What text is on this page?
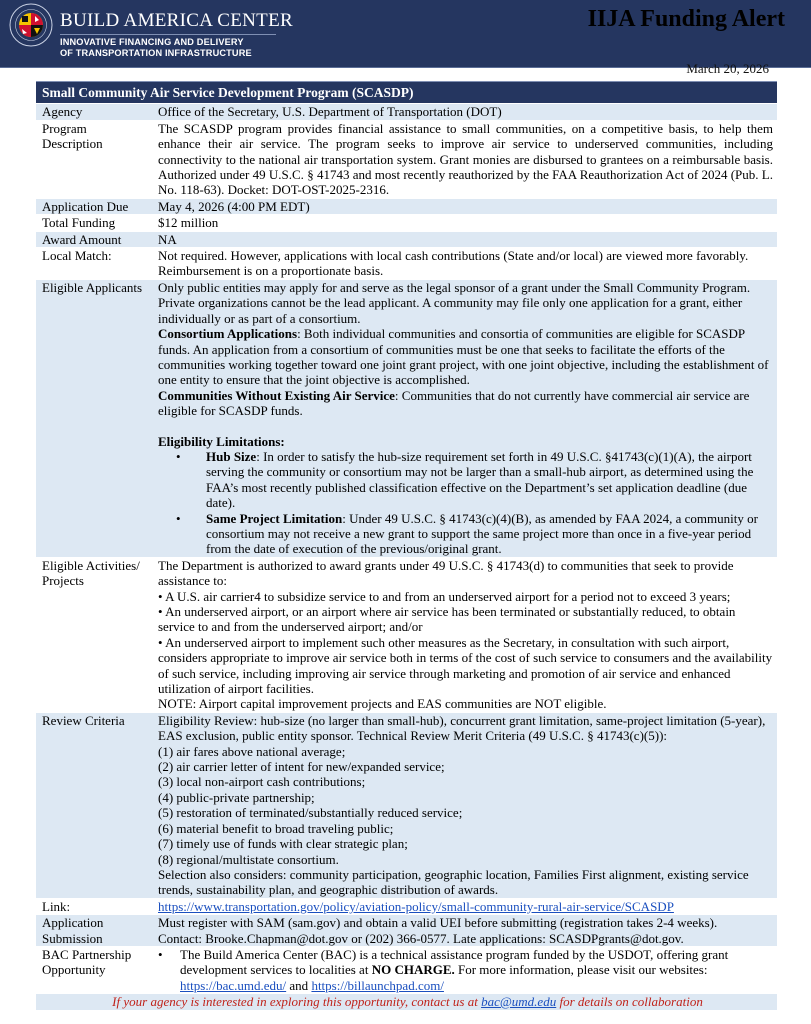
BUILD AMERICA CENTER
INNOVATIVE FINANCING AND DELIVERY
OF TRANSPORTATION INFRASTRUCTURE
IIJA Funding Alert
March 20, 2026
Small Community Air Service Development Program (SCASDP)	
Agency	Office of the Secretary, U.S. Department of Transportation (DOT)
Program Description	The SCASDP program provides financial assistance to small communities, on a competitive basis, to help them enhance their air service. The program seeks to improve air service to underserved communities, including connectivity to the national air transportation system. Grant monies are disbursed to grantees on a reimbursable basis. Authorized under 49 U.S.C. § 41743 and most recently reauthorized by the FAA Reauthorization Act of 2024 (Pub. L. No. 118-63). Docket: DOT-OST-2025-2316.
Application Due	May 4, 2026 (4:00 PM EDT)
Total Funding	$12 million
Award Amount	NA
Local Match:	Not required. However, applications with local cash contributions (State and/or local) are viewed more favorably. Reimbursement is on a proportionate basis.
Eligible Applicants	Only public entities may apply for and serve as the legal sponsor of a grant under the Small Community Program. Private organizations cannot be the lead applicant. A community may file only one application for a grant, either individually or as part of a consortium.
Consortium Applications: Both individual communities and consortia of communities are eligible for SCASDP funds. An application from a consortium of communities must be one that seeks to facilitate the efforts of the communities working together toward one joint grant project, with one joint objective, including the establishment of one entity to ensure that the joint objective is accomplished.
Communities Without Existing Air Service: Communities that do not currently have commercial air service are eligible for SCASDP funds.
Eligibility Limitations:
• Hub Size: In order to satisfy the hub-size requirement set forth in 49 U.S.C. §41743(c)(1)(A), the airport serving the community or consortium may not be larger than a small-hub airport, as determined using the FAA’s most recently published classification effective on the Department’s set application deadline (due date).
• Same Project Limitation: Under 49 U.S.C. § 41743(c)(4)(B), as amended by FAA 2024, a community or consortium may not receive a new grant to support the same project more than once in a five-year period from the date of execution of the previous/original grant.

Eligible Activities/ Projects	The Department is authorized to award grants under 49 U.S.C. § 41743(d) to communities that seek to provide assistance to:
• A U.S. air carrier4 to subsidize service to and from an underserved airport for a period not to exceed 3 years;
• An underserved airport, or an airport where air service has been terminated or substantially reduced, to obtain service to and from the underserved airport; and/or
• An underserved airport to implement such other measures as the Secretary, in consultation with such airport, considers appropriate to improve air service both in terms of the cost of such service to consumers and the availability of such service, including improving air service through marketing and promotion of air service and enhanced utilization of airport facilities.
NOTE: Airport capital improvement projects and EAS communities are NOT eligible.

Review Criteria	Eligibility Review: hub-size (no larger than small-hub), concurrent grant limitation, same-project limitation (5-year), EAS exclusion, public entity sponsor. Technical Review Merit Criteria (49 U.S.C. § 41743(c)(5)):
(1) air fares above national average;
(2) air carrier letter of intent for new/expanded service;
(3) local non-airport cash contributions;
(4) public-private partnership;
(5) restoration of terminated/substantially reduced service;
(6) material benefit to broad traveling public;
(7) timely use of funds with clear strategic plan;
(8) regional/multistate consortium.
Selection also considers: community participation, geographic location, Families First alignment, existing service trends, sustainability plan, and geographic distribution of awards.

Link:	https://www.transportation.gov/policy/aviation-policy/small-community-rural-air-service/SCASDP
Application Submission	Must register with SAM (sam.gov) and obtain a valid UEI before submitting (registration takes 2-4 weeks).
Contact: Brooke.Chapman@dot.gov or (202) 366-0577. Late applications: SCASDPgrants@dot.gov.

BAC Partnership Opportunity	• The Build America Center (BAC) is a technical assistance program funded by the USDOT, offering grant development services to localities at NO CHARGE. For more information, please visit our websites: https://bac.umd.edu/ and https://billaunchpad.com/

If your agency is interested in exploring this opportunity, contact us at bac@umd.edu for details on collaboration	
